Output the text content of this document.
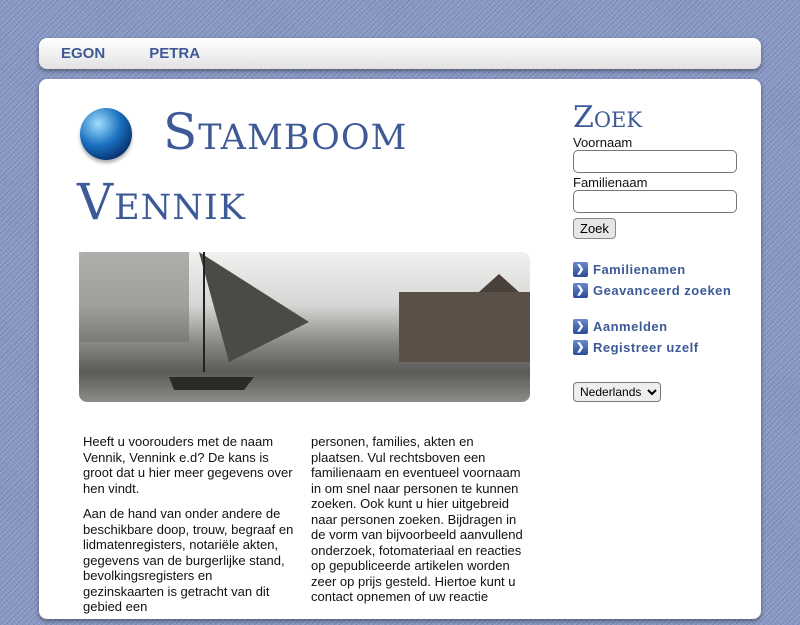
EGON	PETRA
Stamboom
Vennik

Heeft u voorouders met de naam Vennik, Vennink e.d? De kans is groot dat u hier meer gegevens over hen vindt.

Aan de hand van onder andere de beschikbare doop, trouw, begraaf en lidmatenregisters, notariële akten, gegevens van de burgerlijke stand, bevolkingsregisters en gezinskaarten is getracht van dit gebied een

personen, families, akten en plaatsen. Vul rechtsboven een familienaam en eventueel voornaam in om snel naar personen te kunnen zoeken. Ook kunt u hier uitgebreid naar personen zoeken. Bijdragen in de vorm van bijvoorbeeld aanvullend onderzoek, fotomateriaal en reacties op gepubliceerde artikelen worden zeer op prijs gesteld. Hiertoe kunt u contact opnemen of uw reactie

Zoek
Voornaam
Familienaam
Zoek
❯ Familienamen
❯ Geavanceerd zoeken
❯ Aanmelden
❯ Registreer uzelf
Nederlands
